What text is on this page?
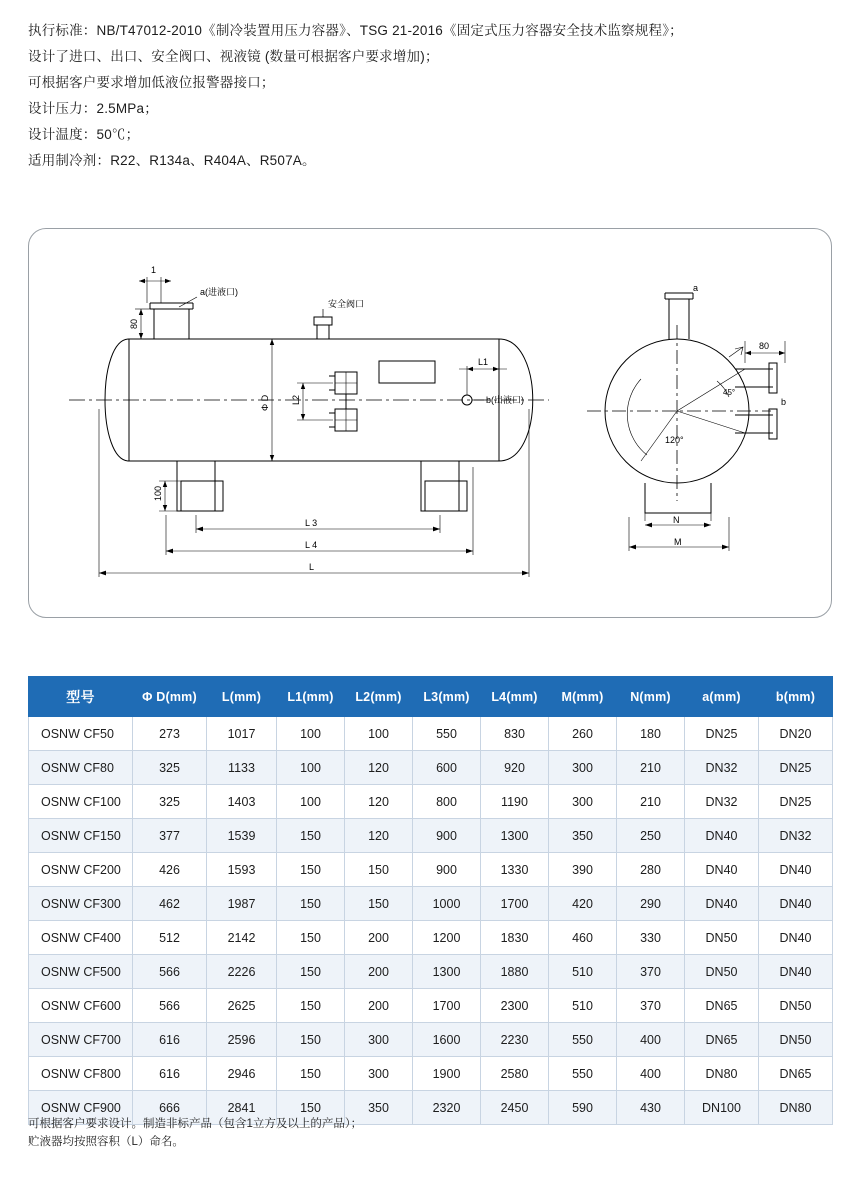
执行标准：NB/T47012-2010《制冷装置用压力容器》、TSG 21-2016《固定式压力容器安全技术监察规程》；
设计了进口、出口、安全阀口、视液镜 (数量可根据客户要求增加)；
可根据客户要求增加低液位报警器接口；
设计压力：2.5MPa；
设计温度：50℃；
适用制冷剂：R22、R134a、R404A、R507A。
1
80
a(进液口)
安全阀口
Φ D
L1
L2
100
b(出液口)
L 3
L 4
L
a
80
b
45°
120°
N
M
型号	Φ D(mm)	L(mm)	L1(mm)	L2(mm)	L3(mm)	L4(mm)	M(mm)	N(mm)	a(mm)	b(mm)
OSNW CF50	273	1017	100	100	550	830	260	180	DN25	DN20
OSNW CF80	325	1133	100	120	600	920	300	210	DN32	DN25
OSNW CF100	325	1403	100	120	800	1190	300	210	DN32	DN25
OSNW CF150	377	1539	150	120	900	1300	350	250	DN40	DN32
OSNW CF200	426	1593	150	150	900	1330	390	280	DN40	DN40
OSNW CF300	462	1987	150	150	1000	1700	420	290	DN40	DN40
OSNW CF400	512	2142	150	200	1200	1830	460	330	DN50	DN40
OSNW CF500	566	2226	150	200	1300	1880	510	370	DN50	DN40
OSNW CF600	566	2625	150	200	1700	2300	510	370	DN65	DN50
OSNW CF700	616	2596	150	300	1600	2230	550	400	DN65	DN50
OSNW CF800	616	2946	150	300	1900	2580	550	400	DN80	DN65
OSNW CF900	666	2841	150	350	2320	2450	590	430	DN100	DN80
可根据客户要求设计。制造非标产品（包含1立方及以上的产品）；
贮液器均按照容积（L）命名。
